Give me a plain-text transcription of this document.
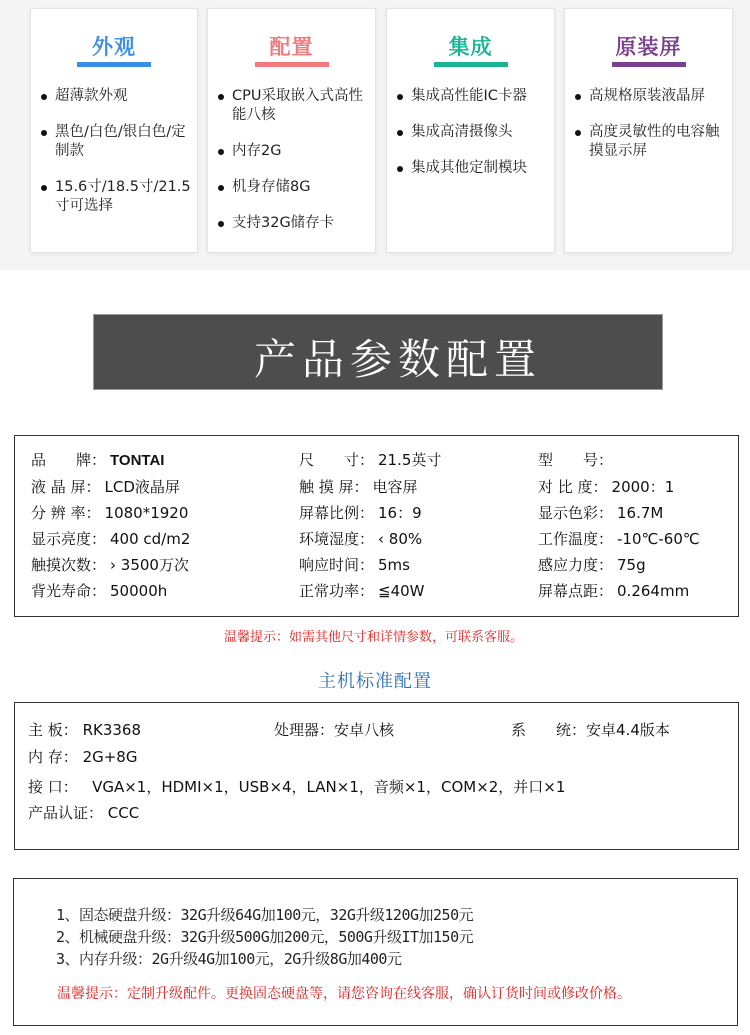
外观
超薄款外观
黑色/白色/银白色/定制款
15.6寸/18.5寸/21.5寸可选择
配置
CPU采取嵌入式高性能八核
内存2G
机身存储8G
支持32G储存卡
集成
集成高性能IC卡器
集成高清摄像头
集成其他定制模块
原装屏
高规格原装液晶屏
高度灵敏性的电容触摸显示屏
产品参数配置
品　　牌： TONTAI	尺　　寸： 21.5英寸	型　　号：
液 晶 屏： LCD液晶屏	触 摸 屏： 电容屏	对 比 度： 2000：1
分 辨 率： 1080*1920	屏幕比例： 16：9	显示色彩： 16.7M
显示亮度： 400 cd/m2	环境湿度： ‹ 80%	工作温度： -10℃-60℃
触摸次数： › 3500万次	响应时间： 5ms	感应力度： 75g
背光寿命： 50000h	正常功率： ≦40W	屏幕点距： 0.264mm
温馨提示：如需其他尺寸和详情参数，可联系客服。
主机标准配置
主 板： RK3368	处理器：安卓八核	系　　统：安卓4.4版本
内 存： 2G+8G
接 口： VGA×1，HDMI×1，USB×4，LAN×1，音频×1，COM×2，并口×1
产品认证： CCC
1、固态硬盘升级：32G升级64G加100元，32G升级120G加250元
2、机械硬盘升级：32G升级500G加200元，500G升级IT加150元
3、内存升级：2G升级4G加100元，2G升级8G加400元
温馨提示：定制升级配件。更换固态硬盘等，请您咨询在线客服，确认订货时间或修改价格。
